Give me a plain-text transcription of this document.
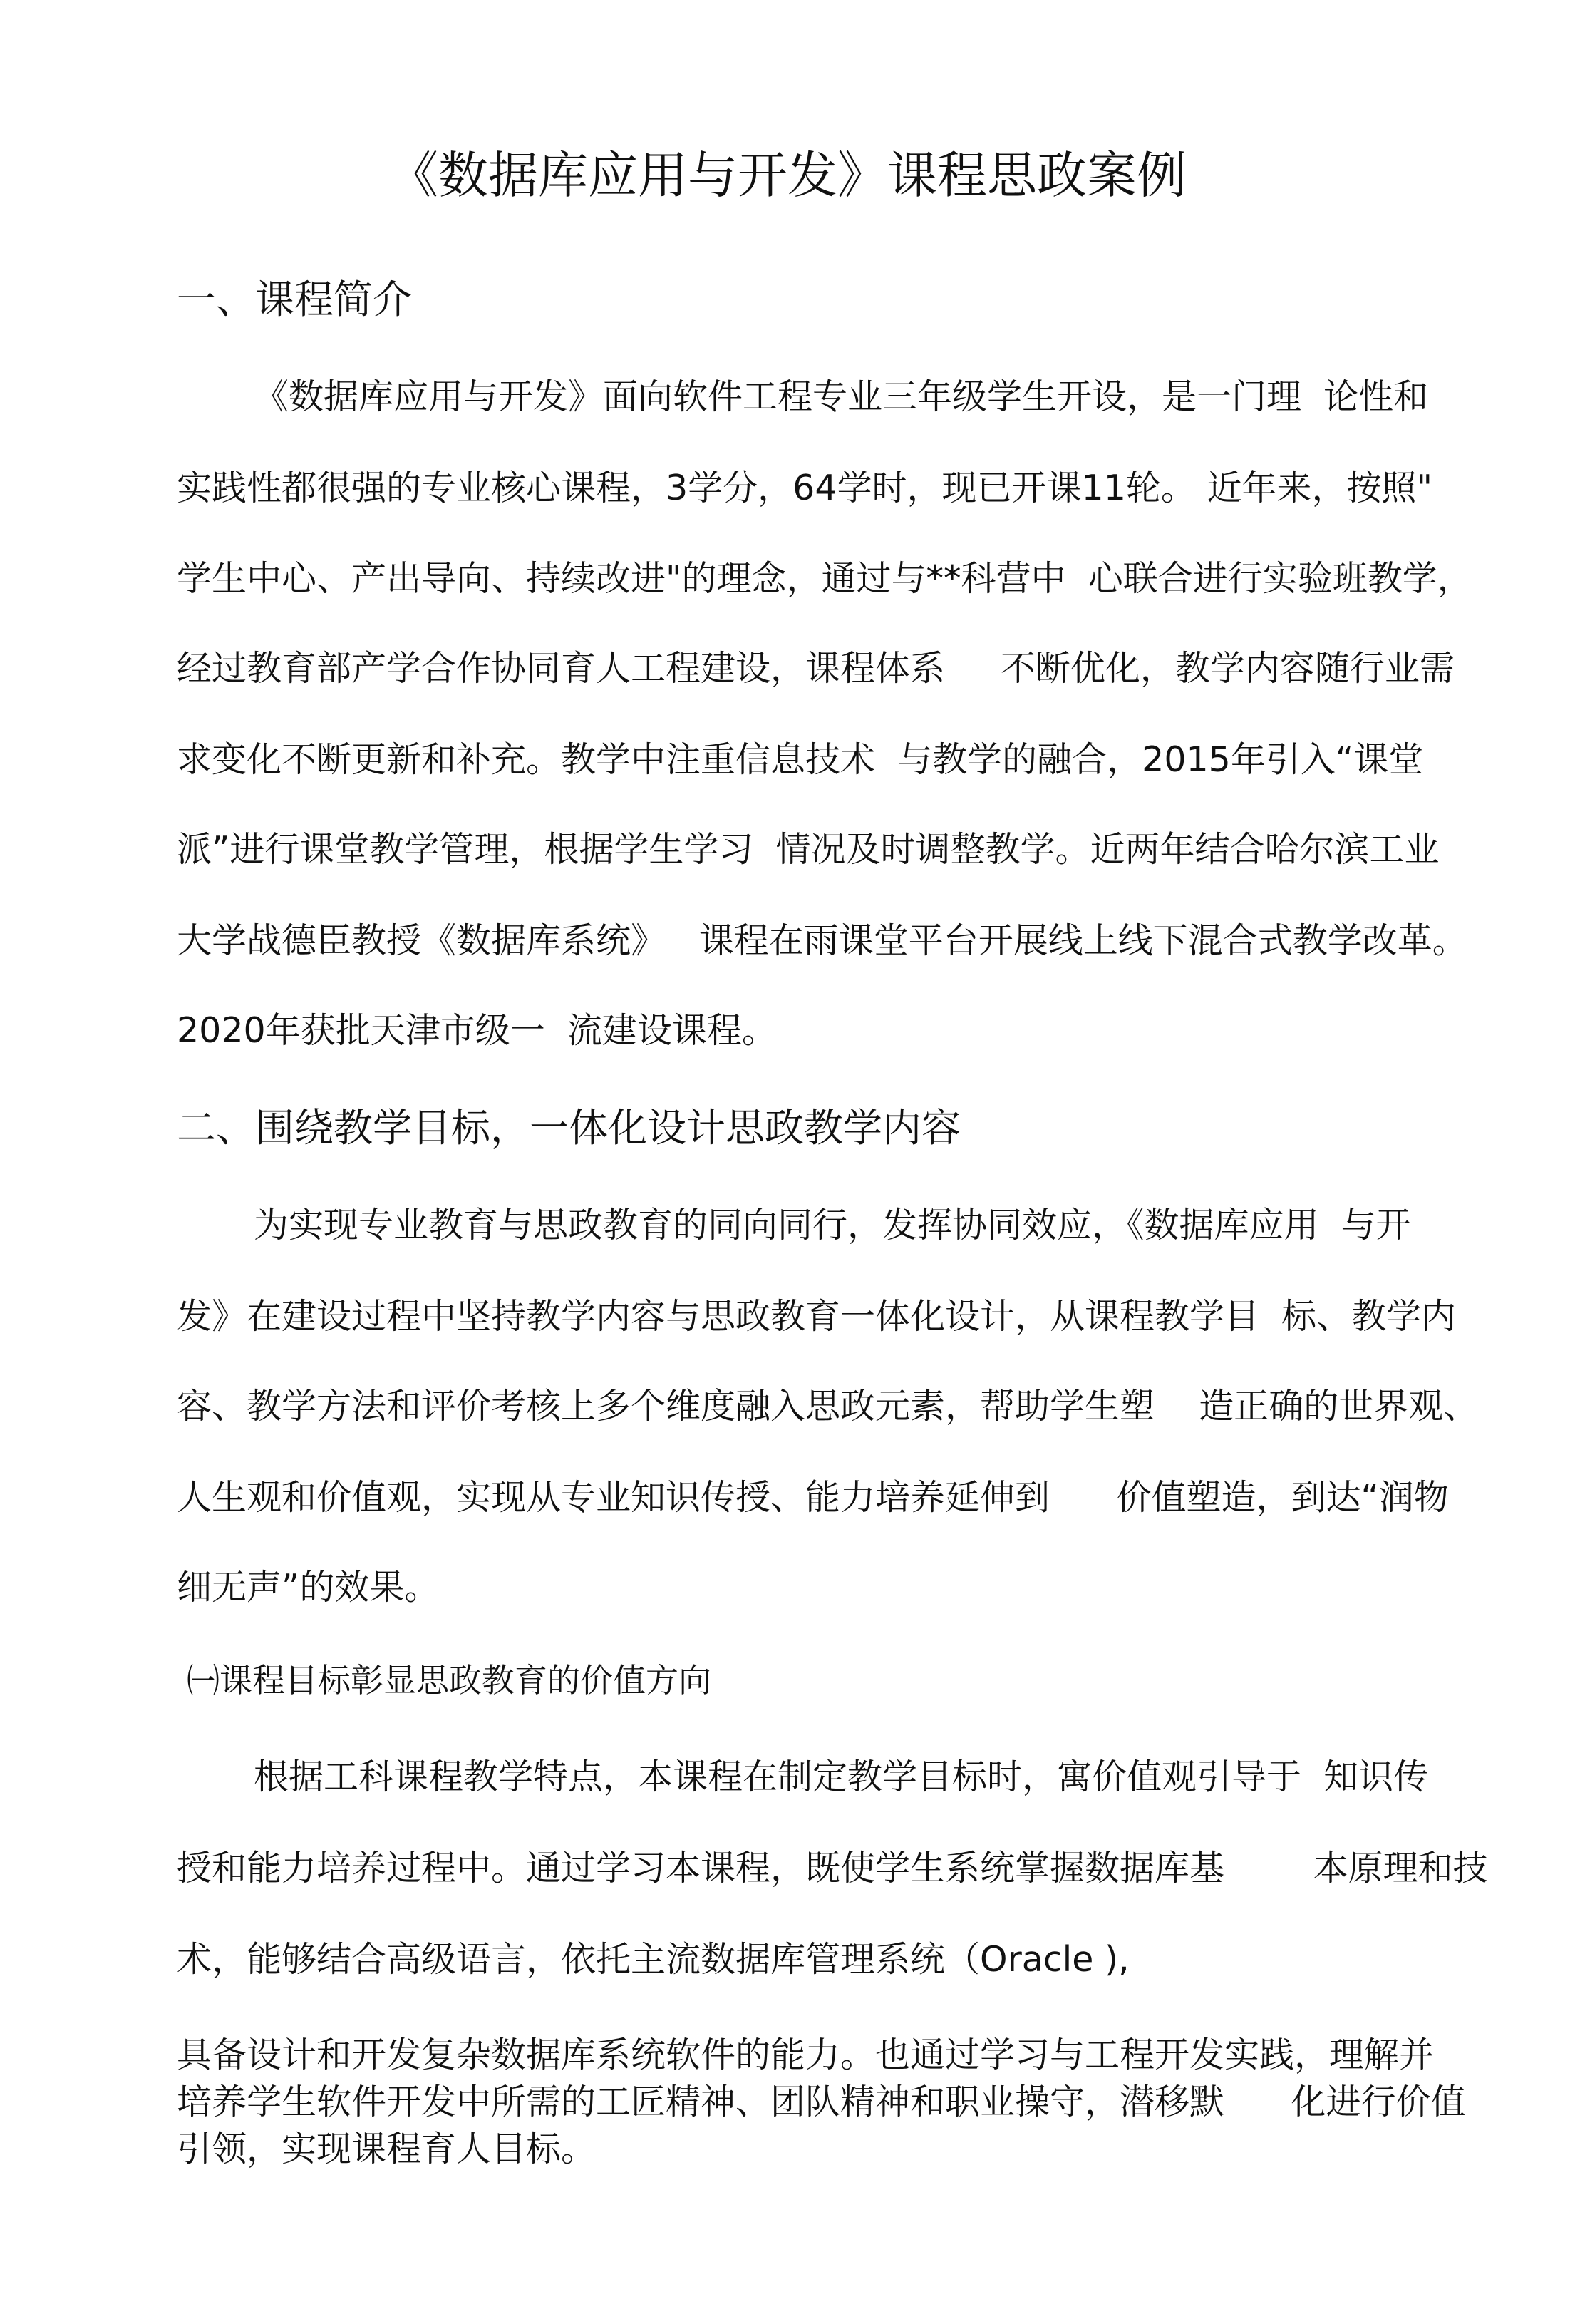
《数据库应用与开发》课程思政案例
一、课程简介
《数据库应用与开发》面向软件工程专业三年级学生开设，是一门理  论性和
实践性都很强的专业核心课程，3学分，64学时，现已开课11轮。 近年来，按照"
学生中心、产出导向、持续改进"的理念，通过与**科营中  心联合进行实验班教学，
经过教育部产学合作协同育人工程建设，课程体系     不断优化，教学内容随行业需
求变化不断更新和补充。教学中注重信息技术  与教学的融合，2015年引入“课堂
派”进行课堂教学管理，根据学生学习  情况及时调整教学。近两年结合哈尔滨工业
大学战德臣教授《数据库系统》   课程在雨课堂平台开展线上线下混合式教学改革。
2020年获批天津市级一  流建设课程。
二、围绕教学目标，一体化设计思政教学内容
为实现专业教育与思政教育的同向同行，发挥协同效应，《数据库应用  与开
发》在建设过程中坚持教学内容与思政教育一体化设计，从课程教学目  标、教学内
容、教学方法和评价考核上多个维度融入思政元素，帮助学生塑    造正确的世界观、
人生观和价值观，实现从专业知识传授、能力培养延伸到      价值塑造，到达“润物
细无声”的效果。
㈠课程目标彰显思政教育的价值方向
根据工科课程教学特点，本课程在制定教学目标时，寓价值观引导于  知识传
授和能力培养过程中。通过学习本课程，既使学生系统掌握数据库基        本原理和技
术，能够结合高级语言，依托主流数据库管理系统（Oracle ),
具备设计和开发复杂数据库系统软件的能力。也通过学习与工程开发实践，理解并
培养学生软件开发中所需的工匠精神、团队精神和职业操守，潜移默      化进行价值
引领，实现课程育人目标。
